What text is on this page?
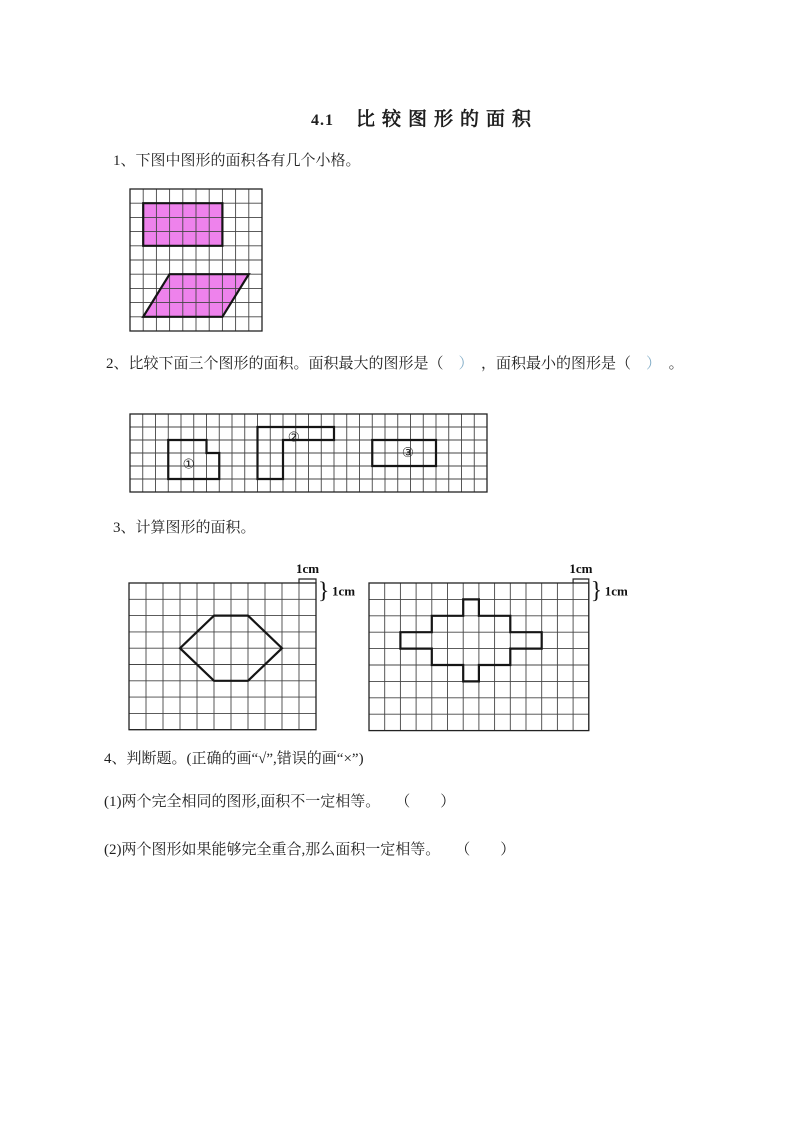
4.1 比较图形的面积
1、下图中图形的面积各有几个小格。
2、比较下面三个图形的面积。面积最大的图形是（　）　，面积最小的图形是（　）　。
①
②
③
3、计算图形的面积。
1cm
} 1cm
1cm
} 1cm
4、判断题。(正确的画“√”,错误的画“×”)
(1)两个完全相同的图形,面积不一定相等。　　（　　）
(2)两个图形如果能够完全重合,那么面积一定相等。　　（　　）
